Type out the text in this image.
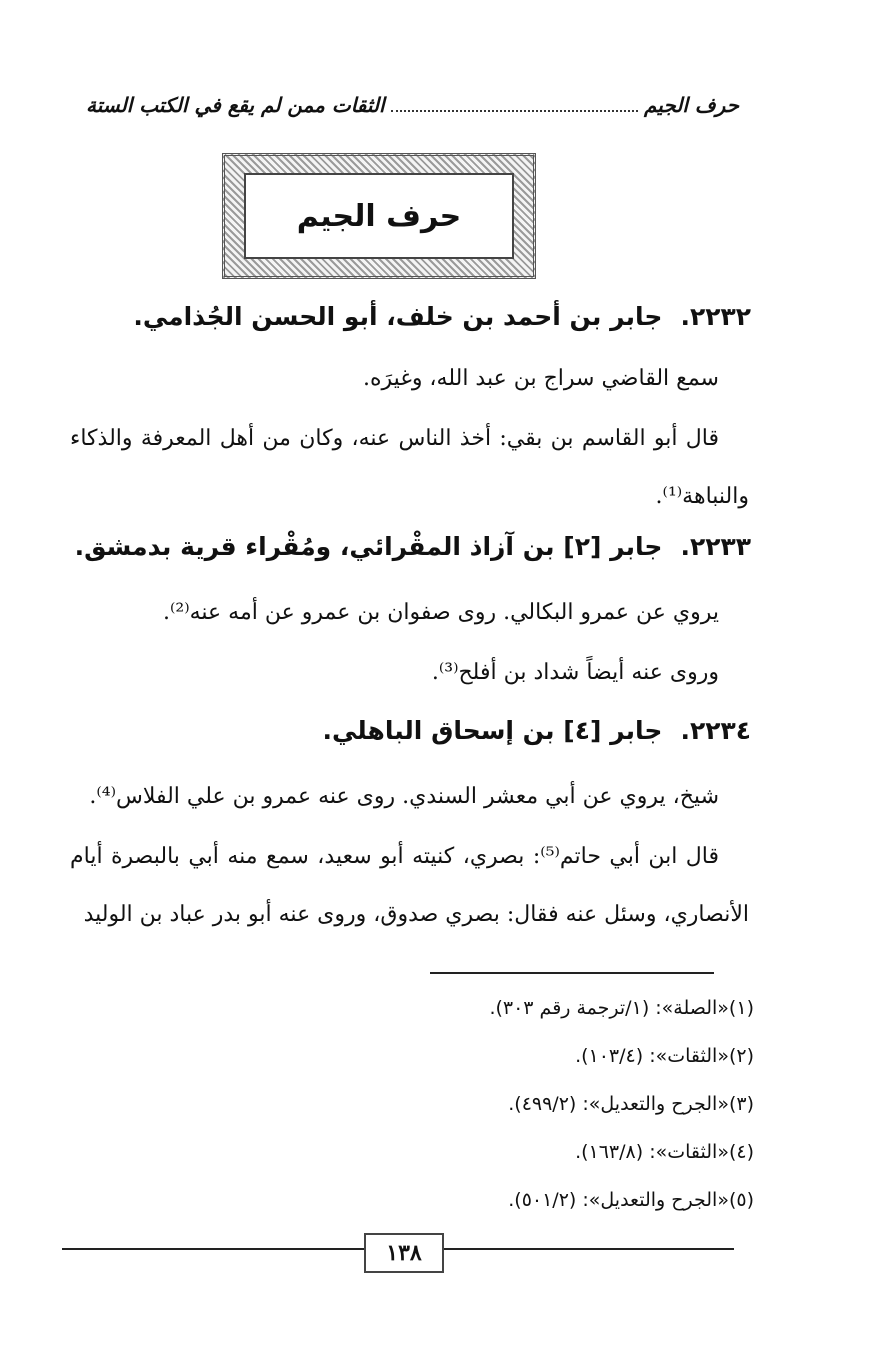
حرف الجيم
الثقات ممن لم يقع في الكتب الستة
حرف الجيم
٢٢٣٢.جابر بن أحمد بن خلف، أبو الحسن الجُذامي.
سمع القاضي سراج بن عبد الله، وغيرَه.
قال أبو القاسم بن بقي: أخذ الناس عنه، وكان من أهل المعرفة والذكاء والنباهة⁽¹⁾.
٢٢٣٣.جابر [٢] بن آزاذ المقْرائي، ومُقْراء قرية بدمشق.
يروي عن عمرو البكالي. روى صفوان بن عمرو عن أمه عنه⁽²⁾.
وروى عنه أيضاً شداد بن أفلح⁽³⁾.
٢٢٣٤.جابر [٤] بن إسحاق الباهلي.
شيخ، يروي عن أبي معشر السندي. روى عنه عمرو بن علي الفلاس⁽⁴⁾.
قال ابن أبي حاتم⁽⁵⁾: بصري، كنيته أبو سعيد، سمع منه أبي بالبصرة أيام الأنصاري، وسئل عنه فقال: بصري صدوق، وروى عنه أبو بدر عباد بن الوليد
(١)«الصلة»: (١/ترجمة رقم ٣٠٣).
(٢)«الثقات»: (١٠٣/٤).
(٣)«الجرح والتعديل»: (٤٩٩/٢).
(٤)«الثقات»: (١٦٣/٨).
(٥)«الجرح والتعديل»: (٥٠١/٢).
١٣٨
